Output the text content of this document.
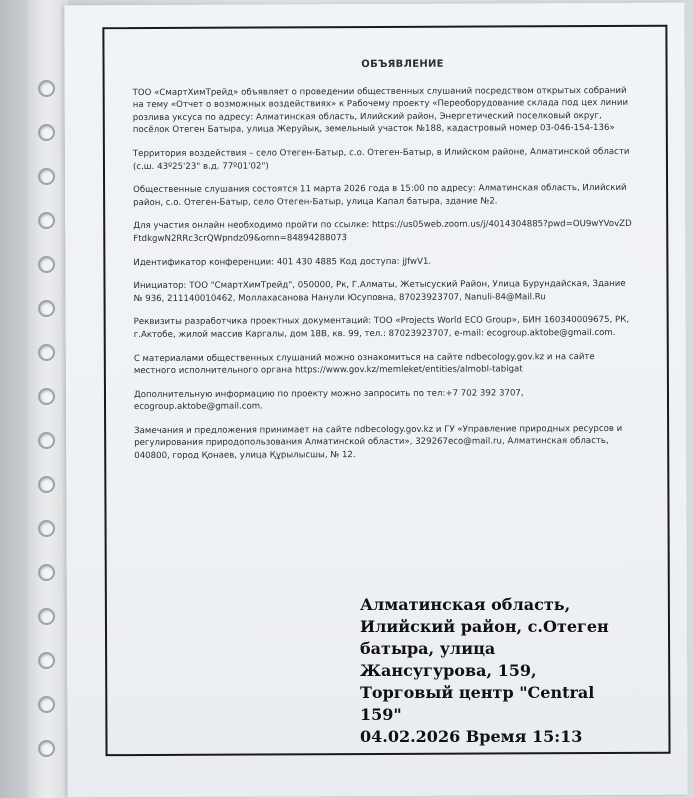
ОБЪЯВЛЕНИЕ

ТОО «СмартХимТрейд» объявляет о проведении общественных слушаний посредством открытых собраний на тему «Отчет о возможных воздействиях» к Рабочему проекту «Переоборудование склада под цех линии розлива уксуса по адресу: Алматинская область, Илийский район, Энергетический поселковый округ, посёлок Отеген Батыра, улица Жеруйық, земельный участок №188, кадастровый номер 03-046-154-136»

Территория воздействия – село Отеген-Батыр, с.о. Отеген-Батыр, в Илийском районе, Алматинской области (с.ш. 43º25'23" в.д. 77º01'02")

Общественные слушания состоятся 11 марта 2026 года в 15:00 по адресу: Алматинская область, Илийский район, с.о. Отеген-Батыр, село Отеген-Батыр, улица Капал батыра, здание №2.

Для участия онлайн необходимо пройти по ссылке: https://us05web.zoom.us/j/4014304885?pwd=OU9wYVovZDFtdkgwN2RRc3crQWpndz09&omn=84894288073

Идентификатор конференции: 401 430 4885 Код доступа: jJfwV1.

Инициатор: ТОО "СмартХимТрейд", 050000, Рк, Г.Алматы, Жетысуский Район, Улица Бурундайская, Здание № 936, 211140010462, Моллахасанова Нанули Юсуповна, 87023923707, Nanuli-84@Mail.Ru

Реквизиты разработчика проектных документаций: ТОО «Projects World ECO Group», БИН 160340009675, РК, г.Актобе, жилой массив Каргалы, дом 18В, кв. 99, тел.: 87023923707, e-mail: ecogroup.aktobe@gmail.com.

С материалами общественных слушаний можно ознакомиться на сайте ndbecology.gov.kz и на сайте местного исполнительного органа https://www.gov.kz/memleket/entities/almobl-tabigat

Дополнительную информацию по проекту можно запросить по тел:+7 702 392 3707, ecogroup.aktobe@gmail.com.

Замечания и предложения принимает на сайте ndbecology.gov.kz и ГУ «Управление природных ресурсов и регулирования природопользования Алматинской области», 329267eco@mail.ru, Алматинская область, 040800, город Қонаев, улица Құрылысшы, № 12.

Алматинская область,
Илийский район, с.Отеген
батыра, улица
Жансугурова, 159,
Торговый центр "Central
159"
04.02.2026 Время 15:13
